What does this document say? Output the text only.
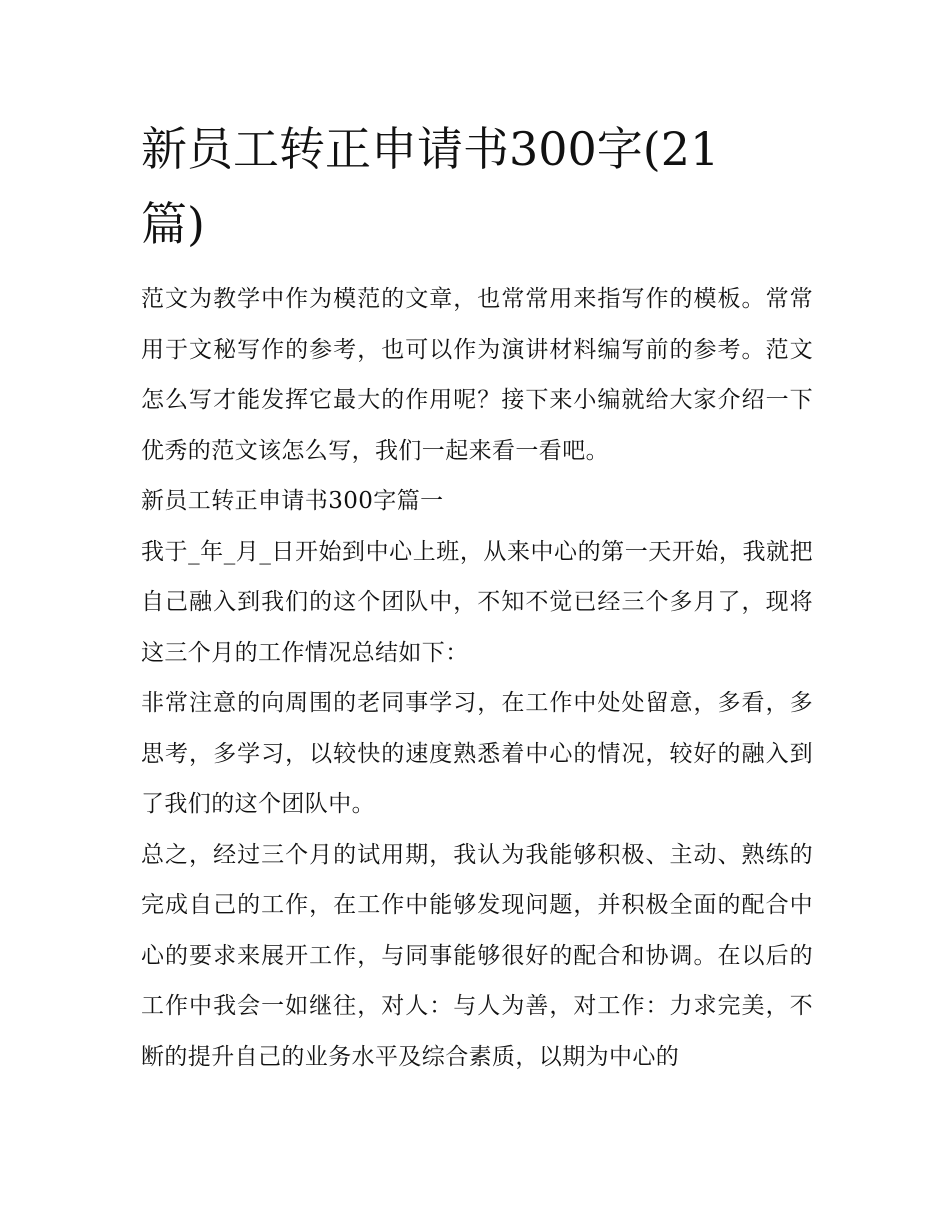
新员工转正申请书300字(21篇)

范文为教学中作为模范的文章，也常常用来指写作的模板。常常用于文秘写作的参考，也可以作为演讲材料编写前的参考。范文怎么写才能发挥它最大的作用呢？接下来小编就给大家介绍一下优秀的范文该怎么写，我们一起来看一看吧。

新员工转正申请书300字篇一

我于_年_月_日开始到中心上班，从来中心的第一天开始，我就把自己融入到我们的这个团队中，不知不觉已经三个多月了，现将这三个月的工作情况总结如下：

非常注意的向周围的老同事学习，在工作中处处留意，多看，多思考，多学习，以较快的速度熟悉着中心的情况，较好的融入到了我们的这个团队中。

总之，经过三个月的试用期，我认为我能够积极、主动、熟练的完成自己的工作，在工作中能够发现问题，并积极全面的配合中心的要求来展开工作，与同事能够很好的配合和协调。在以后的工作中我会一如继往，对人：与人为善，对工作：力求完美，不断的提升自己的业务水平及综合素质，以期为中心的
